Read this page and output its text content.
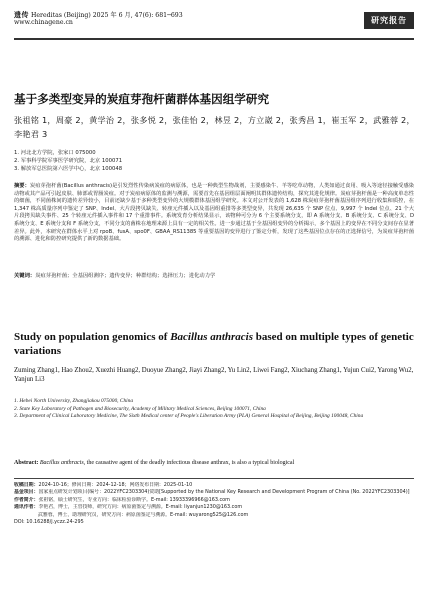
遗传 Hereditas (Beijing) 2025 年 6 月, 47(6): 681─693
www.chinagene.cn	研究报告
基于多类型变异的炭疽芽孢杆菌群体基因组学研究
张祖铭 1，周豪 2，黄学治 2，张多悦 2，张佳怡 2，林昱 2，方立崴 2，张秀昌 1，崔玉军 2，武雅蓉 2，李艳君 3
1. 河北北方学院，张家口 075000
2. 军事科学院军事医学研究院，北京 100071
3. 解放军总医院第六医学中心，北京 100048
摘要：炭疽芽孢杆菌(Bacillus anthracis)是引发烈性传染病炭疽的病原体，也是一种典型生物战剂，主要感染牛、羊等吃草动物，人类如通过食用、吸入等途径接触受感染动物或其产品可引起皮肤、肺部或胃肠炭疽。对于炭疽病原体的监测与溯源，需要首先在基因组层面阐明其群体遗传结构，探究其进化规律。炭疽芽孢杆菌是一种高度单态性的细菌，不同菌株间的遗传差异较小，目前还缺少基于多种类型变异的大规模群体基因组学研究。本文对公开发表的 1,628 株炭疽芽孢杆菌基因组序列进行收集和质控，在 1,347 株高质量序列中鉴定了 SNP、Indel、大片段拷贝缺失、转座元件插入以及基因组重排等多类型变异，共发现 26,635 个 SNP 位点、9,997 个 Indel 位点、21 个大片段拷贝缺失事件、25 个转座元件插入事件和 17 个重排事件。系统发育分析结果显示，该物种可分为 6 个主要系统分支，即 A 系统分支、B 系统分支、C 系统分支、D 系统分支、E 系统分支和 F 系统分支，不同分支的菌株在地理来源上具有一定的相关性。进一步通过基于全基因组变异的分析揭示，多个基因上的变异在不同分支间存在显著差异。此外，本研究在群体水平上对 rpoB、fusA、spo0F、GBAA_RS11385 等重要基因的变异进行了鉴定分析，发现了这些基因位点存在的正选择信号，为炭疽芽孢杆菌的溯源、进化和防控研究提供了新的数据基础。
关键词：炭疽芽孢杆菌；全基因组测序；遗传变异；种群结构；选择压力；进化动力学
Study on population genomics of Bacillus anthracis based on multiple types of genetic variations
Zuming Zhang1, Hao Zhou2, Xuezhi Huang2, Duoyue Zhang2, Jiayi Zhang2, Yu Lin2, Liwei Fang2, Xiuchang Zhang1, Yujun Cui2, Yarong Wu2, Yanjun Li3
1. Hebei North University, Zhangjiakou 075000, China
2. State Key Laboratory of Pathogen and Biosecurity, Academy of Military Medical Sciences, Beijing 100071, China
3. Department of Clinical Laboratory Medicine, The Sixth Medical center of People's Liberation Army (PLA) General Hospital of Beijing, Beijing 100048, China
Abstract: Bacillus anthracis, the causative agent of the deadly infectious disease anthrax, is also a typical biological
收稿日期：2024-10-16；修回日期：2024-12-18；网络发布日期：2025-01-10
基金项目：国家重点研发计划项目(编号：2022YFC2303304)资助[Supported by the National Key Research and Development Program of China (No. 2022YFC2303304)]
作者简介：张祖铭，硕士研究生，专业方向：临床检验诊断学。E-mail: 13933396966@163.com
通讯作者：李艳君，博士，主管技师，研究方向：病原菌鉴定与溯源。E-mail: liyanjun1230@163.com
武雅蓉，博士，助理研究员，研究方向：病原菌鉴定与溯源。E-mail: wuyarong525@126.com
DOI: 10.16288/j.yczz.24-295
